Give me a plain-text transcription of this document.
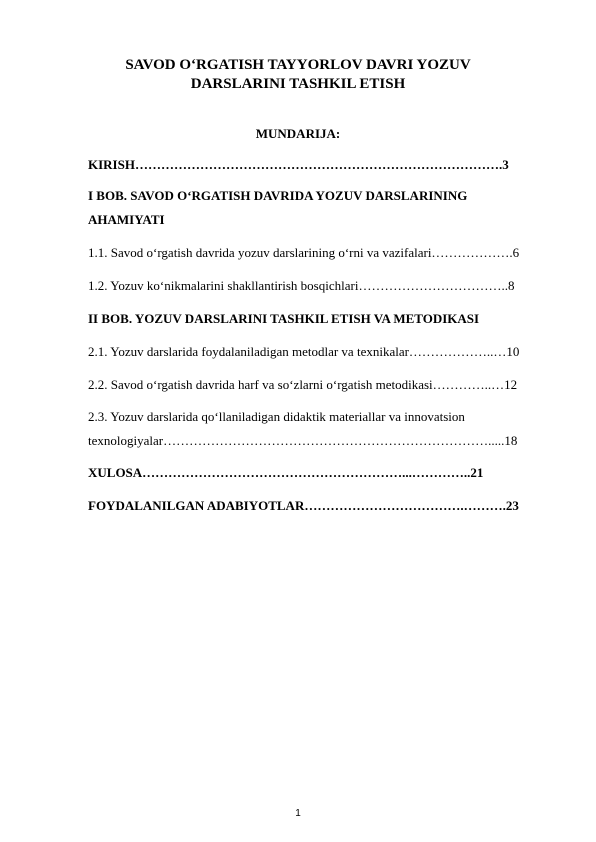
SAVOD O‘RGATISH TAYYORLOV DAVRI YOZUV
DARSLARINI TASHKIL ETISH
MUNDARIJA:
KIRISH………………………………………………………………………….3
I BOB. SAVOD O‘RGATISH DAVRIDA YOZUV DARSLARINING
AHAMIYATI
1.1. Savod o‘rgatish davrida yozuv darslarining o‘rni va vazifalari……………….6
1.2. Yozuv ko‘nikmalarini shakllantirish bosqichlari……………………………..8
II BOB. YOZUV DARSLARINI TASHKIL ETISH VA METODIKASI
2.1. Yozuv darslarida foydalaniladigan metodlar va texnikalar………………..…10
2.2. Savod o‘rgatish davrida harf va so‘zlarni o‘rgatish metodikasi…………..…12
2.3. Yozuv darslarida qo‘llaniladigan didaktik materiallar va innovatsion
texnologiyalar………………………………………………………………….....18
XULOSA……………………………………………………...…………..21
FOYDALANILGAN ADABIYOTLAR……………………………….……….23
1
